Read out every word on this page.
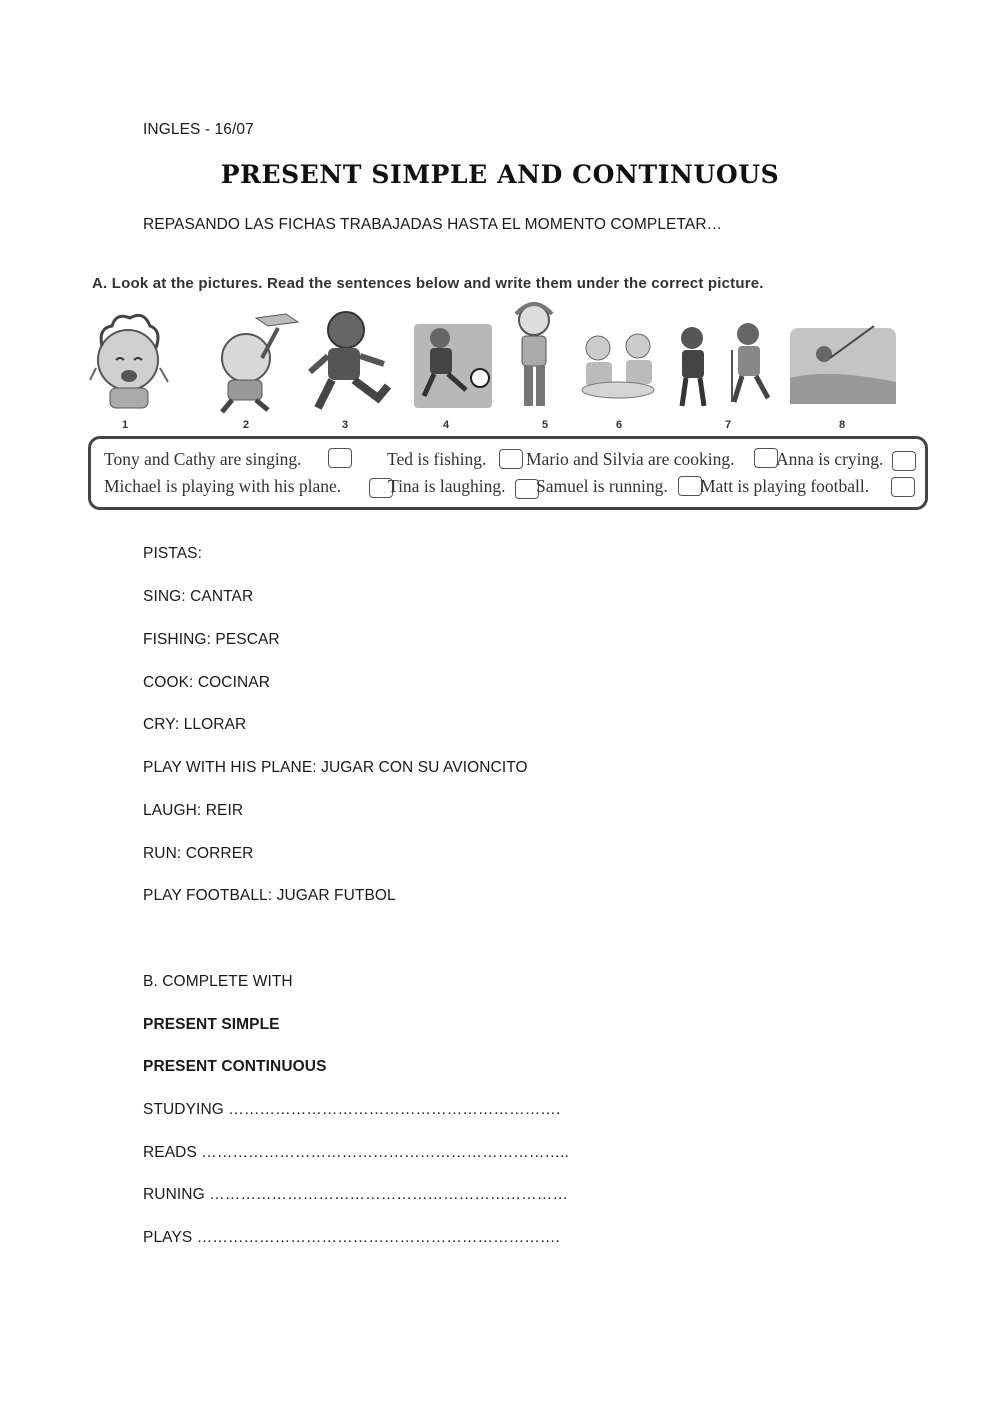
INGLES - 16/07
PRESENT SIMPLE AND CONTINUOUS
REPASANDO LAS FICHAS TRABAJADAS HASTA EL MOMENTO COMPLETAR…
A. Look at the pictures. Read the sentences below and write them under the correct picture.
1	2	3	4	5	6	7	8
Tony and Cathy are singing.	Ted is fishing. Mario and Silvia are cooking. Anna is crying.
Michael is playing with his plane.	Tina is laughing. Samuel is running. Matt is playing football.
PISTAS:
SING: CANTAR
FISHING: PESCAR
COOK: COCINAR
CRY: LLORAR
PLAY WITH HIS PLANE: JUGAR CON SU AVIONCITO
LAUGH: REIR
RUN: CORRER
PLAY FOOTBALL: JUGAR FUTBOL
B. COMPLETE WITH
PRESENT SIMPLE
PRESENT CONTINUOUS
STUDYING ……………………………………………………….
READS ……………………………………………………………..
RUNING ……………………………………………………………
PLAYS …………………………………………………………….
